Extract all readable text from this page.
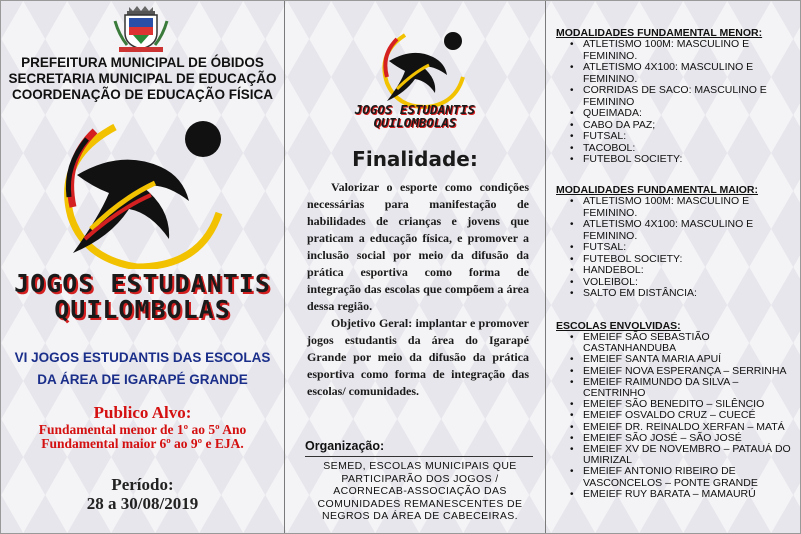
PREFEITURA MUNICIPAL DE ÓBIDOS
SECRETARIA MUNICIPAL DE EDUCAÇÃO
COORDENAÇÃO DE EDUCAÇÃO FÍSICA
JOGOS ESTUDANTIS
QUILOMBOLAS
VI JOGOS ESTUDANTIS DAS ESCOLAS
DA ÁREA DE IGARAPÉ GRANDE
Publico Alvo:
Fundamental menor de 1º ao 5º Ano
Fundamental maior 6º ao 9º e EJA.
Período:
28 a 30/08/2019
JOGOS ESTUDANTIS
QUILOMBOLAS
Finalidade:

Valorizar o esporte como condições necessárias para manifestação de habilidades de crianças e jovens que praticam a educação física, e promover a inclusão social por meio da difusão da prática esportiva como forma de integração das escolas que compõem a área dessa região.

Objetivo Geral: implantar e promover jogos estudantis da área do Igarapé Grande por meio da difusão da prática esportiva como forma de integração das escolas/ comunidades.

Organização:
SEMED, ESCOLAS MUNICIPAIS QUE PARTICIPARÃO DOS JOGOS / ACORNECAB-ASSOCIAÇÃO DAS COMUNIDADES REMANESCENTES DE NEGROS DA ÁREA DE CABECEIRAS.
MODALIDADES FUNDAMENTAL MENOR:
• ATLETISMO 100M: MASCULINO E FEMININO.
• ATLETISMO 4X100: MASCULINO E FEMININO.
• CORRIDAS DE SACO: MASCULINO E FEMININO
• QUEIMADA:
• CABO DA PAZ;
• FUTSAL:
• TACOBOL:
• FUTEBOL SOCIETY:
MODALIDADES FUNDAMENTAL MAIOR:
• ATLETISMO 100M: MASCULINO E FEMININO.
• ATLETISMO 4X100: MASCULINO E FEMININO.
• FUTSAL:
• FUTEBOL SOCIETY:
• HANDEBOL:
• VOLEIBOL:
• SALTO EM DISTÂNCIA:
ESCOLAS ENVOLVIDAS:
• EMEIEF SÃO SEBASTIÃO CASTANHANDUBA
• EMEIEF SANTA MARIA APUÍ
• EMEIEF NOVA ESPERANÇA – SERRINHA
• EMEIEF RAIMUNDO DA SILVA – CENTRINHO
• EMEIEF SÃO BENEDITO – SILÊNCIO
• EMEIEF OSVALDO CRUZ – CUECÉ
• EMEIEF DR. REINALDO XERFAN – MATÁ
• EMEIEF SÃO JOSÉ – SÃO JOSÉ
• EMEIEF XV DE NOVEMBRO – PATAUÁ DO UMIRIZAL
• EMEIEF ANTONIO RIBEIRO DE VASCONCELOS – PONTE GRANDE
• EMEIEF RUY BARATA – MAMAURÚ
